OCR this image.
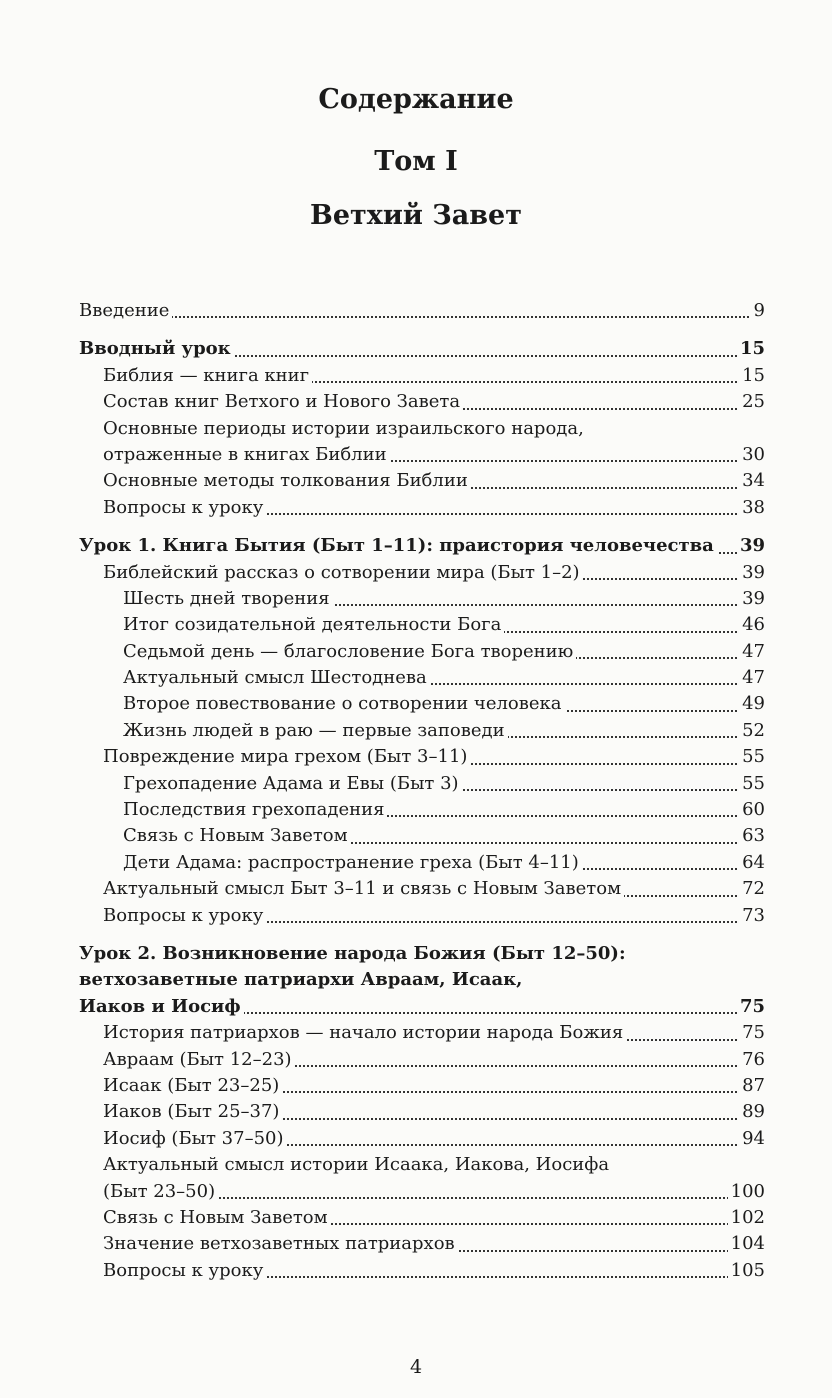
Содержание
Том I
Ветхий Завет
Введение	9
Вводный урок	15
Библия — книга книг	15
Состав книг Ветхого и Нового Завета	25
Основные периоды истории израильского народа,
отраженные в книгах Библии	30
Основные методы толкования Библии	34
Вопросы к уроку	38
Урок 1. Книга Бытия (Быт 1–11): праистория человечества 39
Библейский рассказ о сотворении мира (Быт 1–2)	39
Шесть дней творения	39
Итог созидательной деятельности Бога	46
Седьмой день — благословение Бога творению	47
Актуальный смысл Шестоднева	47
Второе повествование о сотворении человека	49
Жизнь людей в раю — первые заповеди	52
Повреждение мира грехом (Быт 3–11)	55
Грехопадение Адама и Евы (Быт 3)	55
Последствия грехопадения	60
Связь с Новым Заветом	63
Дети Адама: распространение греха (Быт 4–11)	64
Актуальный смысл Быт 3–11 и связь с Новым Заветом	72
Вопросы к уроку	73
Урок 2. Возникновение народа Божия (Быт 12–50):
ветхозаветные патриархи Авраам, Исаак,
Иаков и Иосиф	75
История патриархов — начало истории народа Божия	75
Авраам (Быт 12–23)	76
Исаак (Быт 23–25)	87
Иаков (Быт 25–37)	89
Иосиф (Быт 37–50)	94
Актуальный смысл истории Исаака, Иакова, Иосифа
(Быт 23–50)	100
Связь с Новым Заветом	102
Значение ветхозаветных патриархов	104
Вопросы к уроку	105
4
